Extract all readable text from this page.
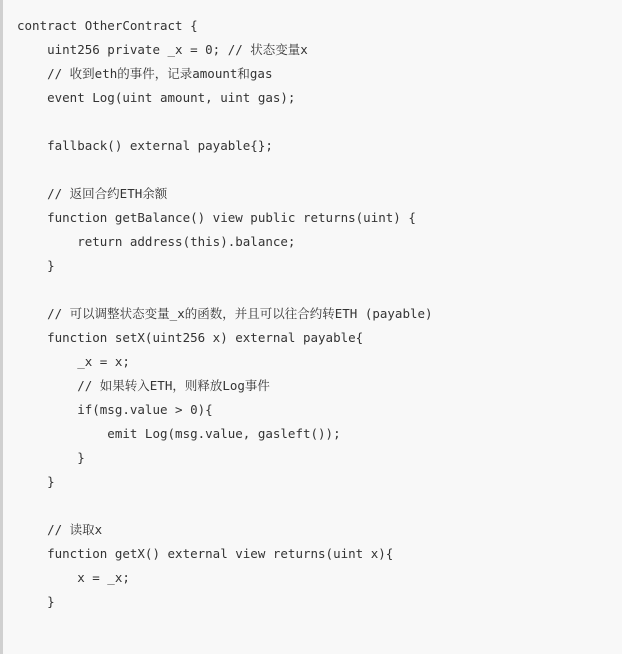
contract OtherContract {
uint256 private _x = 0; // 状态变量x
// 收到eth的事件，记录amount和gas
event Log(uint amount, uint gas);

fallback() external payable{};

// 返回合约ETH余额
function getBalance() view public returns(uint) {
return address(this).balance;
}

// 可以调整状态变量_x的函数，并且可以往合约转ETH (payable)
function setX(uint256 x) external payable{
_x = x;
// 如果转入ETH，则释放Log事件
if(msg.value > 0){
emit Log(msg.value, gasleft());
}
}

// 读取x
function getX() external view returns(uint x){
x = _x;
}
